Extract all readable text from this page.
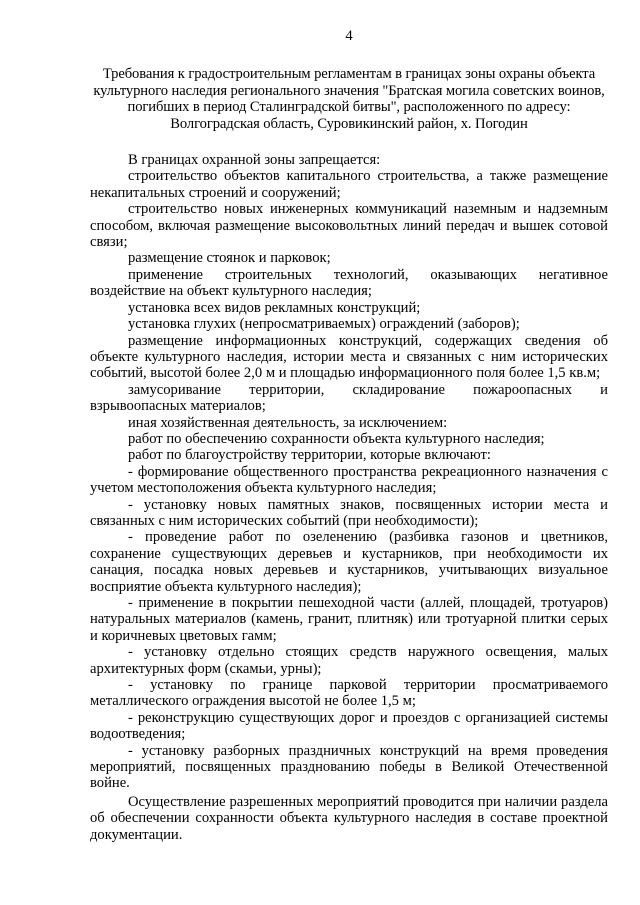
4
Требования к градостроительным регламентам в границах зоны охраны объекта культурного наследия регионального значения "Братская могила советских воинов, погибших в период Сталинградской битвы", расположенного по адресу: Волгоградская область, Суровикинский район, х. Погодин

В границах охранной зоны запрещается:

строительство объектов капитального строительства, а также размещение некапитальных строений и сооружений;

строительство новых инженерных коммуникаций наземным и надземным способом, включая размещение высоковольтных линий передач и вышек сотовой связи;

размещение стоянок и парковок;

применение строительных технологий, оказывающих негативное воздействие на объект культурного наследия;

установка всех видов рекламных конструкций;

установка глухих (непросматриваемых) ограждений (заборов);

размещение информационных конструкций, содержащих сведения об объекте культурного наследия, истории места и связанных с ним исторических событий, высотой более 2,0 м и площадью информационного поля более 1,5 кв.м;

замусоривание территории, складирование пожароопасных и взрывоопасных материалов;

иная хозяйственная деятельность, за исключением:

работ по обеспечению сохранности объекта культурного наследия;

работ по благоустройству территории, которые включают:

- формирование общественного пространства рекреационного назначения с учетом местоположения объекта культурного наследия;

- установку новых памятных знаков, посвященных истории места и связанных с ним исторических событий (при необходимости);

- проведение работ по озеленению (разбивка газонов и цветников, сохранение существующих деревьев и кустарников, при необходимости их санация, посадка новых деревьев и кустарников, учитывающих визуальное восприятие объекта культурного наследия);

- применение в покрытии пешеходной части (аллей, площадей, тротуаров) натуральных материалов (камень, гранит, плитняк) или тротуарной плитки серых и коричневых цветовых гамм;

- установку отдельно стоящих средств наружного освещения, малых архитектурных форм (скамьи, урны);

- установку по границе парковой территории просматриваемого металлического ограждения высотой не более 1,5 м;

- реконструкцию существующих дорог и проездов с организацией системы водоотведения;

- установку разборных праздничных конструкций на время проведения мероприятий, посвященных празднованию победы в Великой Отечественной войне.

Осуществление разрешенных мероприятий проводится при наличии раздела об обеспечении сохранности объекта культурного наследия в составе проектной документации.
